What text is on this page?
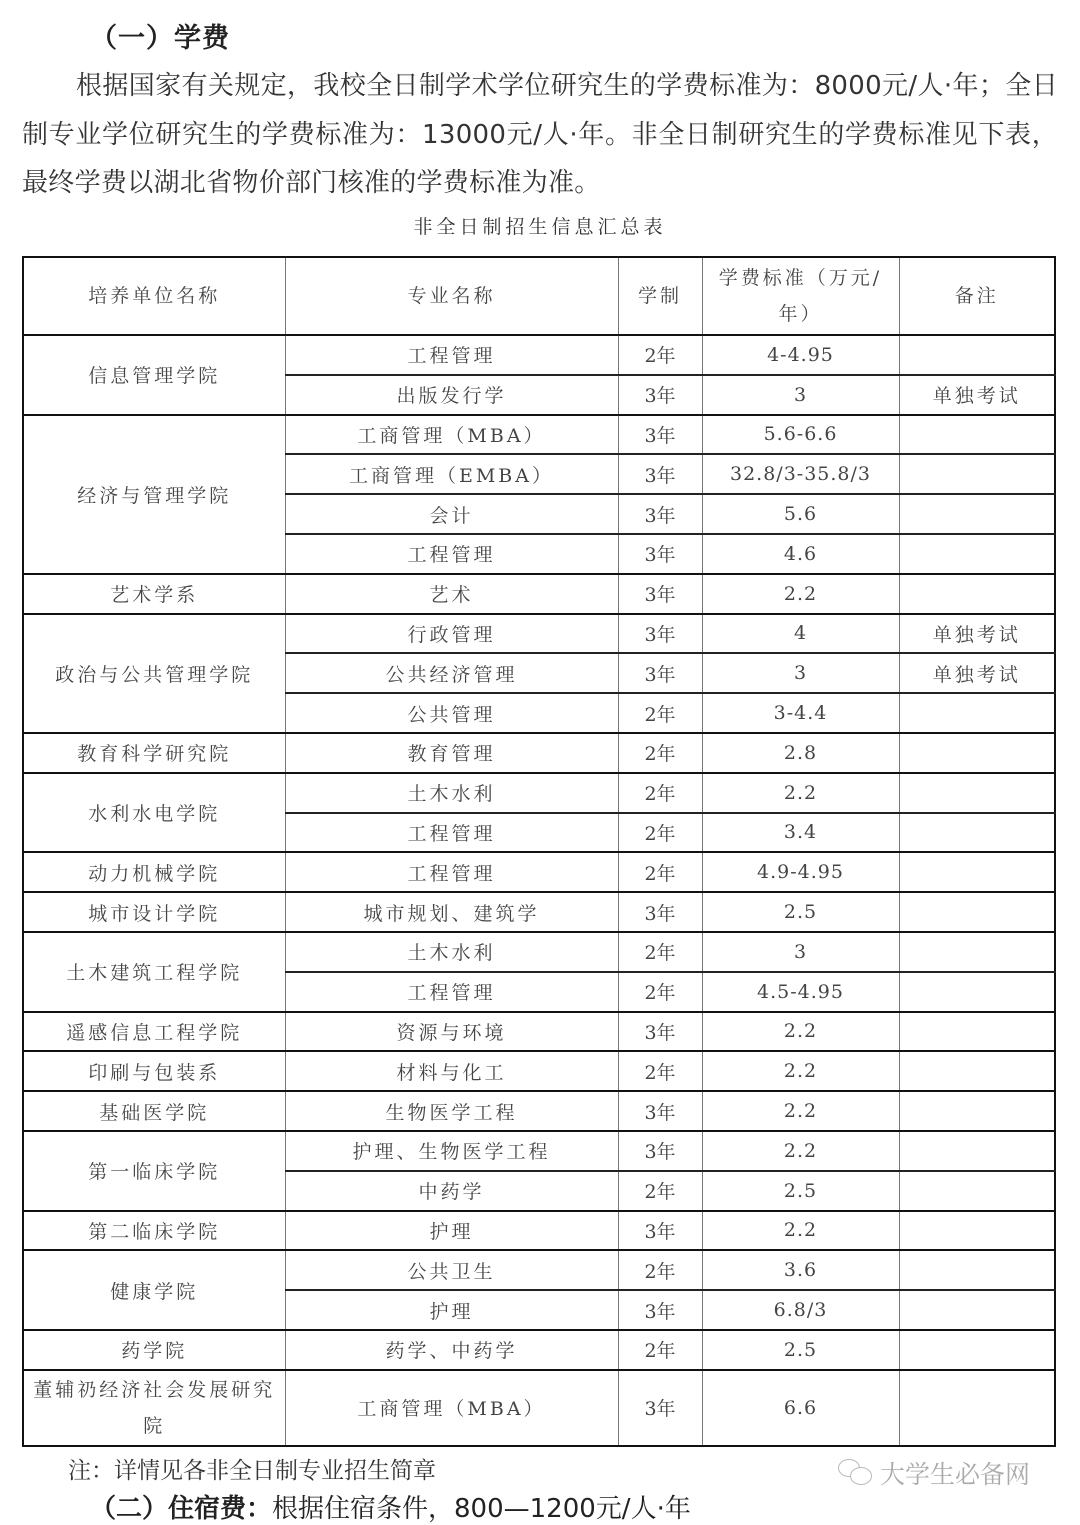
（一）学费
根据国家有关规定，我校全日制学术学位研究生的学费标准为：8000元/人·年；全日制专业学位研究生的学费标准为：13000元/人·年。非全日制研究生的学费标准见下表，最终学费以湖北省物价部门核准的学费标准为准。
非全日制招生信息汇总表
培养单位名称	专业名称	学制	学费标准（万元/年）	备注
信息管理学院	工程管理	2年	4-4.95	
	出版发行学	3年	3	单独考试
经济与管理学院	工商管理（MBA）	3年	5.6-6.6	
	工商管理（EMBA）	3年	32.8/3-35.8/3	
	会计	3年	5.6	
	工程管理	3年	4.6	
艺术学系	艺术	3年	2.2	
政治与公共管理学院	行政管理	3年	4	单独考试
	公共经济管理	3年	3	单独考试
	公共管理	2年	3-4.4	
教育科学研究院	教育管理	2年	2.8	
水利水电学院	土木水利	2年	2.2	
	工程管理	2年	3.4	
动力机械学院	工程管理	2年	4.9-4.95	
城市设计学院	城市规划、建筑学	3年	2.5	
土木建筑工程学院	土木水利	2年	3	
	工程管理	2年	4.5-4.95	
遥感信息工程学院	资源与环境	3年	2.2	
印刷与包装系	材料与化工	2年	2.2	
基础医学院	生物医学工程	3年	2.2	
第一临床学院	护理、生物医学工程	3年	2.2	
	中药学	2年	2.5	
第二临床学院	护理	3年	2.2	
健康学院	公共卫生	2年	3.6	
	护理	3年	6.8/3	
药学院	药学、中药学	2年	2.5	
董辅礽经济社会发展研究院	工商管理（MBA）	3年	6.6	
注：详情见各非全日制专业招生简章	大学生必备网
（二）住宿费：根据住宿条件，800—1200元/人·年
